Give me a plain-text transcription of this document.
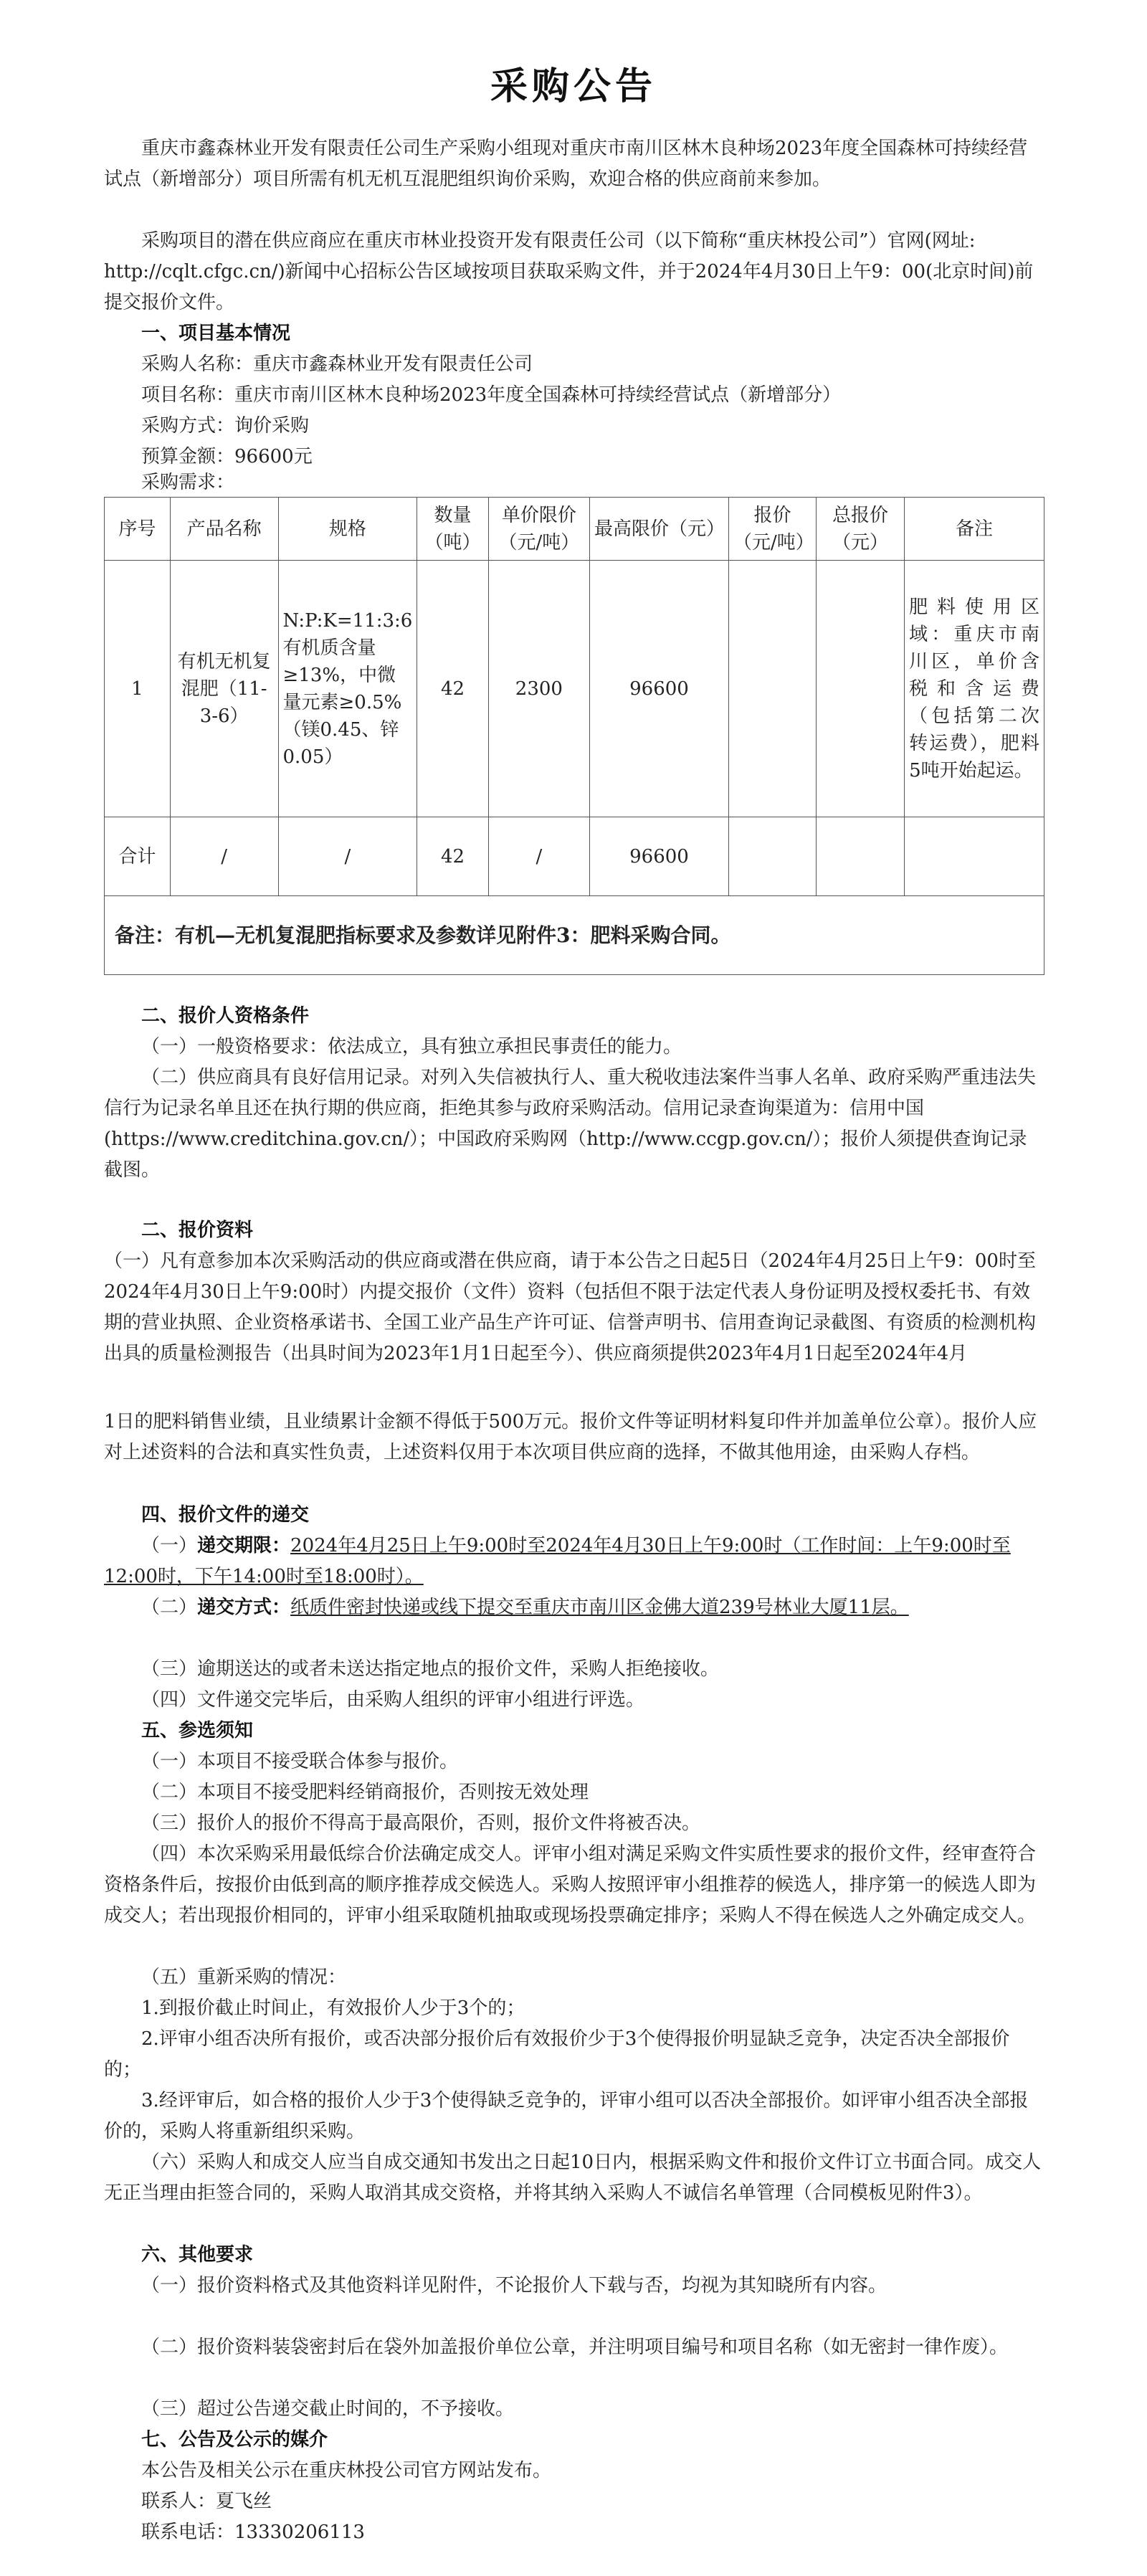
采购公告
重庆市鑫森林业开发有限责任公司生产采购小组现对重庆市南川区林木良种场2023年度全国森林可持续经营试点（新增部分）项目所需有机无机互混肥组织询价采购，欢迎合格的供应商前来参加。
采购项目的潜在供应商应在重庆市林业投资开发有限责任公司（以下简称“重庆林投公司”）官网(网址: http://cqlt.cfgc.cn/)新闻中心招标公告区域按项目获取采购文件，并于2024年4月30日上午9：00(北京时间)前提交报价文件。
一、项目基本情况
采购人名称：重庆市鑫森林业开发有限责任公司
项目名称：重庆市南川区林木良种场2023年度全国森林可持续经营试点（新增部分）
采购方式：询价采购
预算金额：96600元
采购需求：
序号	产品名称	规格	数量（吨）	单价限价（元/吨）	最高限价（元）	报价（元/吨）	总报价（元）	备注
1	有机无机复混肥（11-3-6）	N:P:K=11:3:6 有机质含量≥13%，中微量元素≥0.5%（镁0.45、锌0.05）	42	2300	96600			肥料使用区域：重庆市南川区，单价含税和含运费（包括第二次转运费），肥料5吨开始起运。
合计	/	/	42	/	96600			
备注：有机—无机复混肥指标要求及参数详见附件3：肥料采购合同。								
二、报价人资格条件
（一）一般资格要求：依法成立，具有独立承担民事责任的能力。
（二）供应商具有良好信用记录。对列入失信被执行人、重大税收违法案件当事人名单、政府采购严重违法失信行为记录名单且还在执行期的供应商，拒绝其参与政府采购活动。信用记录查询渠道为：信用中国(https://www.creditchina.gov.cn/）；中国政府采购网（http://www.ccgp.gov.cn/）；报价人须提供查询记录截图。
二、报价资料
（一）凡有意参加本次采购活动的供应商或潜在供应商，请于本公告之日起5日（2024年4月25日上午9：00时至2024年4月30日上午9:00时）内提交报价（文件）资料（包括但不限于法定代表人身份证明及授权委托书、有效期的营业执照、企业资格承诺书、全国工业产品生产许可证、信誉声明书、信用查询记录截图、有资质的检测机构出具的质量检测报告（出具时间为2023年1月1日起至今）、供应商须提供2023年4月1日起至2024年4月
1日的肥料销售业绩，且业绩累计金额不得低于500万元。报价文件等证明材料复印件并加盖单位公章）。报价人应对上述资料的合法和真实性负责，上述资料仅用于本次项目供应商的选择，不做其他用途，由采购人存档。
四、报价文件的递交
（一）递交期限：2024年4月25日上午9:00时至2024年4月30日上午9:00时（工作时间：上午9:00时至12:00时，下午14:00时至18:00时）。
（二）递交方式：纸质件密封快递或线下提交至重庆市南川区金佛大道239号林业大厦11层。
（三）逾期送达的或者未送达指定地点的报价文件，采购人拒绝接收。
（四）文件递交完毕后，由采购人组织的评审小组进行评选。
五、参选须知
（一）本项目不接受联合体参与报价。
（二）本项目不接受肥料经销商报价，否则按无效处理
（三）报价人的报价不得高于最高限价，否则，报价文件将被否决。
（四）本次采购采用最低综合价法确定成交人。评审小组对满足采购文件实质性要求的报价文件，经审查符合资格条件后，按报价由低到高的顺序推荐成交候选人。采购人按照评审小组推荐的候选人，排序第一的候选人即为成交人；若出现报价相同的，评审小组采取随机抽取或现场投票确定排序；采购人不得在候选人之外确定成交人。
（五）重新采购的情况：
1.到报价截止时间止，有效报价人少于3个的；
2.评审小组否决所有报价，或否决部分报价后有效报价少于3个使得报价明显缺乏竞争，决定否决全部报价的；
3.经评审后，如合格的报价人少于3个使得缺乏竞争的，评审小组可以否决全部报价。如评审小组否决全部报价的，采购人将重新组织采购。
（六）采购人和成交人应当自成交通知书发出之日起10日内，根据采购文件和报价文件订立书面合同。成交人无正当理由拒签合同的，采购人取消其成交资格，并将其纳入采购人不诚信名单管理（合同模板见附件3）。
六、其他要求
（一）报价资料格式及其他资料详见附件，不论报价人下载与否，均视为其知晓所有内容。
（二）报价资料装袋密封后在袋外加盖报价单位公章，并注明项目编号和项目名称（如无密封一律作废）。
（三）超过公告递交截止时间的，不予接收。
七、公告及公示的媒介
本公告及相关公示在重庆林投公司官方网站发布。
联系人：夏飞丝
联系电话：13330206113
